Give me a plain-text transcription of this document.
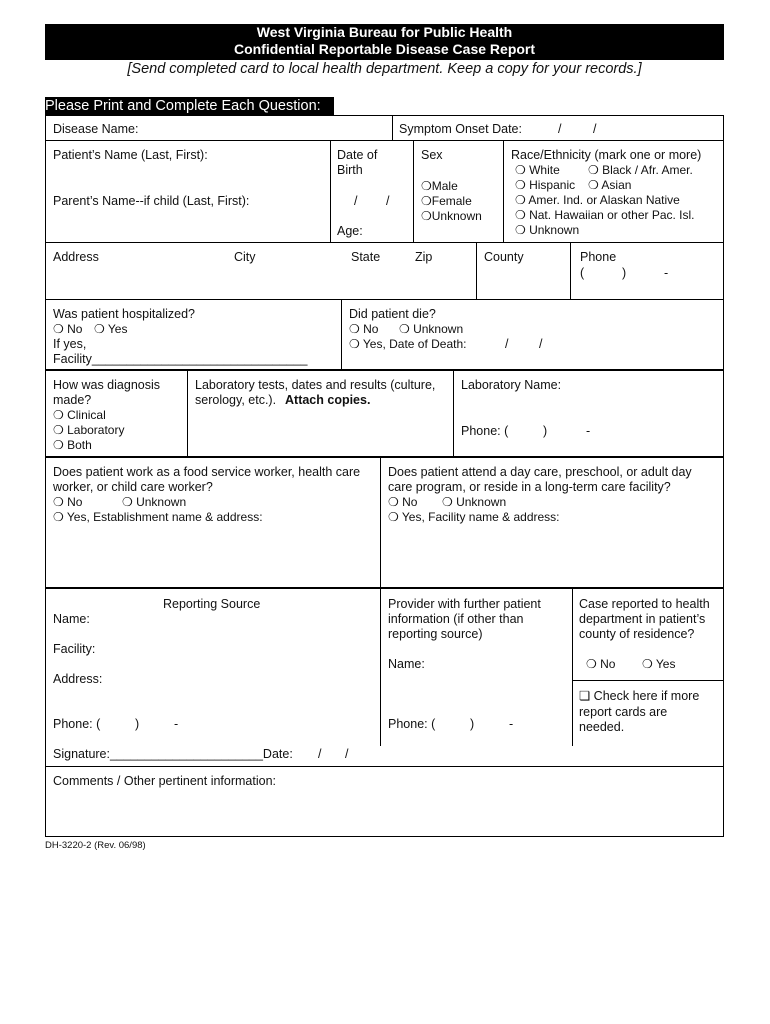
West Virginia Bureau for Public Health
Confidential Reportable Disease Case Report
[Send completed card to local health department. Keep a copy for your records.]
Please Print and Complete Each Question:
Disease Name:	Symptom Onset Date:	/	/
Patient’s Name (Last, First):
Parent’s Name--if child (Last, First):
Date of
Birth
/ /
Age:
Sex
❍Male
❍Female
❍Unknown
Race/Ethnicity (mark one or more)
❍ White ❍ Black / Afr. Amer.
❍ Hispanic ❍ Asian
❍ Amer. Ind. or Alaskan Native
❍ Nat. Hawaiian or other Pac. Isl.
❍ Unknown
Address	City	State	Zip	County	Phone
(	)	-
Was patient hospitalized?
❍ No ❍ Yes
If yes,
Facility_______________________________
Did patient die?
❍ No ❍ Unknown
❍ Yes, Date of Death:	/ /
How was diagnosis
made?
❍ Clinical
❍ Laboratory
❍ Both
Laboratory tests, dates and results (culture,
serology, etc.). Attach copies.
Laboratory Name:
Phone: (	)	-
Does patient work as a food service worker, health care
worker, or child care worker?
❍ No	❍ Unknown
❍ Yes, Establishment name & address:
Does patient attend a day care, preschool, or adult day
care program, or reside in a long-term care facility?
❍ No ❍ Unknown
❍ Yes, Facility name & address:
Reporting Source
Name:
Facility:
Address:
Phone: (	)	-
Signature:______________________Date: / /
Provider with further patient
information (if other than
reporting source)
Name:
Phone: (	)	-
Case reported to health
department in patient’s
county of residence?
❍ No ❍ Yes
❏ Check here if more
report cards are
needed.
Comments / Other pertinent information:
DH-3220-2 (Rev. 06/98)
